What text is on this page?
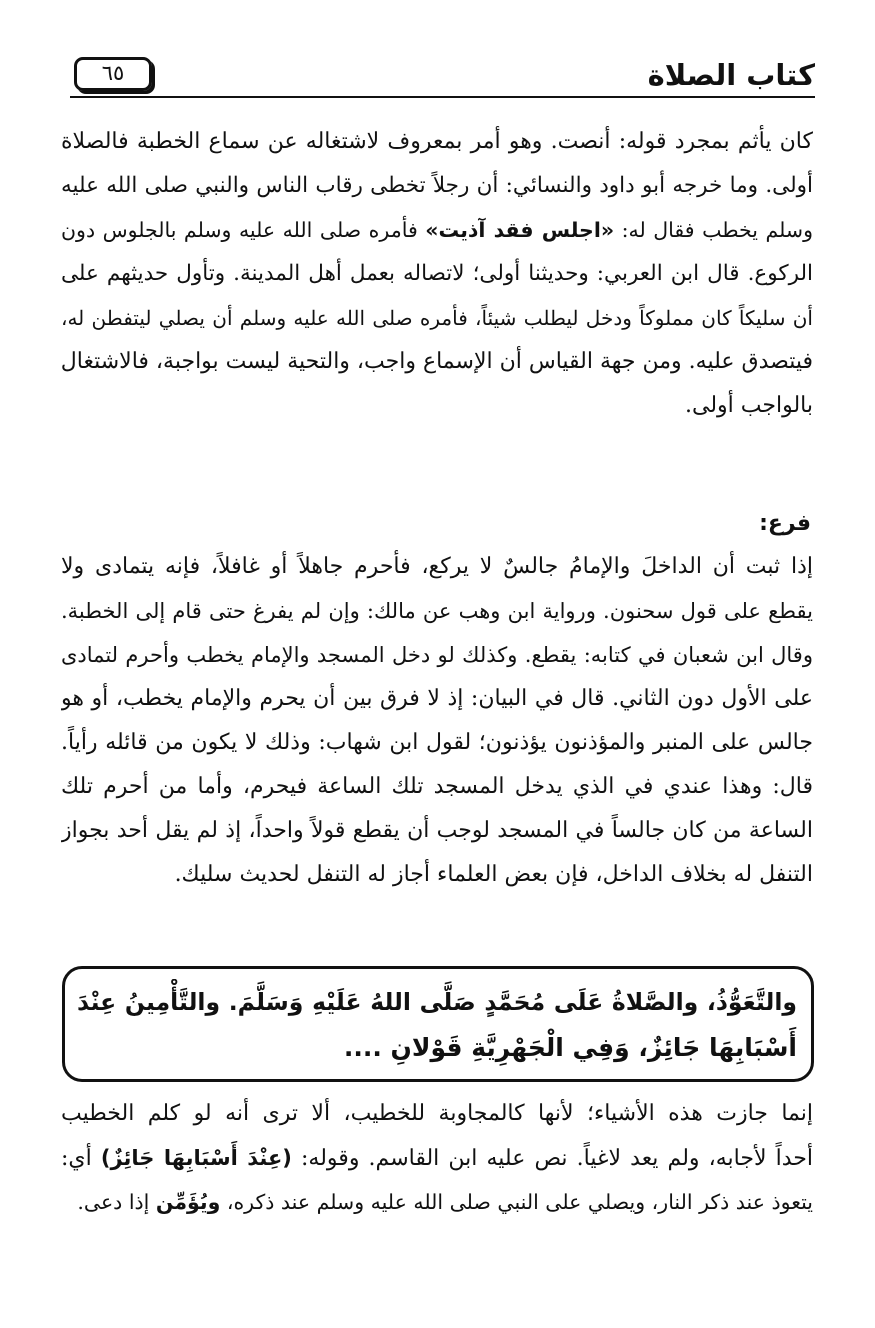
كتاب الصلاة
٦٥
كان يأثم بمجرد قوله: أنصت. وهو أمر بمعروف لاشتغاله عن سماع الخطبة فالصلاة
أولى. وما خرجه أبو داود والنسائي: أن رجلاً تخطى رقاب الناس والنبي صلى الله عليه
وسلم يخطب فقال له: «اجلس فقد آذيت» فأمره صلى الله عليه وسلم بالجلوس دون
الركوع. قال ابن العربي: وحديثنا أولى؛ لاتصاله بعمل أهل المدينة. وتأول حديثهم على
أن سليكاً كان مملوكاً ودخل ليطلب شيئاً، فأمره صلى الله عليه وسلم أن يصلي ليتفطن له،
فيتصدق عليه. ومن جهة القياس أن الإسماع واجب، والتحية ليست بواجبة، فالاشتغال
بالواجب أولى.
فرع:
إذا ثبت أن الداخلَ والإمامُ جالسٌ لا يركع، فأحرم جاهلاً أو غافلاً، فإنه يتمادى ولا
يقطع على قول سحنون. ورواية ابن وهب عن مالك: وإن لم يفرغ حتى قام إلى الخطبة.
وقال ابن شعبان في كتابه: يقطع. وكذلك لو دخل المسجد والإمام يخطب وأحرم لتمادى
على الأول دون الثاني. قال في البيان: إذ لا فرق بين أن يحرم والإمام يخطب، أو هو
جالس على المنبر والمؤذنون يؤذنون؛ لقول ابن شهاب: وذلك لا يكون من قائله رأياً.
قال: وهذا عندي في الذي يدخل المسجد تلك الساعة فيحرم، وأما من أحرم تلك
الساعة من كان جالساً في المسجد لوجب أن يقطع قولاً واحداً، إذ لم يقل أحد بجواز
التنفل له بخلاف الداخل، فإن بعض العلماء أجاز له التنفل لحديث سليك.
والتَّعَوُّذُ، والصَّلاةُ عَلَى مُحَمَّدٍ صَلَّى اللهُ عَلَيْهِ وَسَلَّمَ. والتَّأْمِينُ عِنْدَ
أَسْبَابِهَا جَائِزٌ، وَفِي الْجَهْرِيَّةِ قَوْلانِ ....
إنما جازت هذه الأشياء؛ لأنها كالمجاوبة للخطيب، ألا ترى أنه لو كلم الخطيب
أحداً لأجابه، ولم يعد لاغياً. نص عليه ابن القاسم. وقوله: (عِنْدَ أَسْبَابِهَا جَائِزٌ) أي:
يتعوذ عند ذكر النار، ويصلي على النبي صلى الله عليه وسلم عند ذكره، ويُؤَمِّن إذا دعى.
